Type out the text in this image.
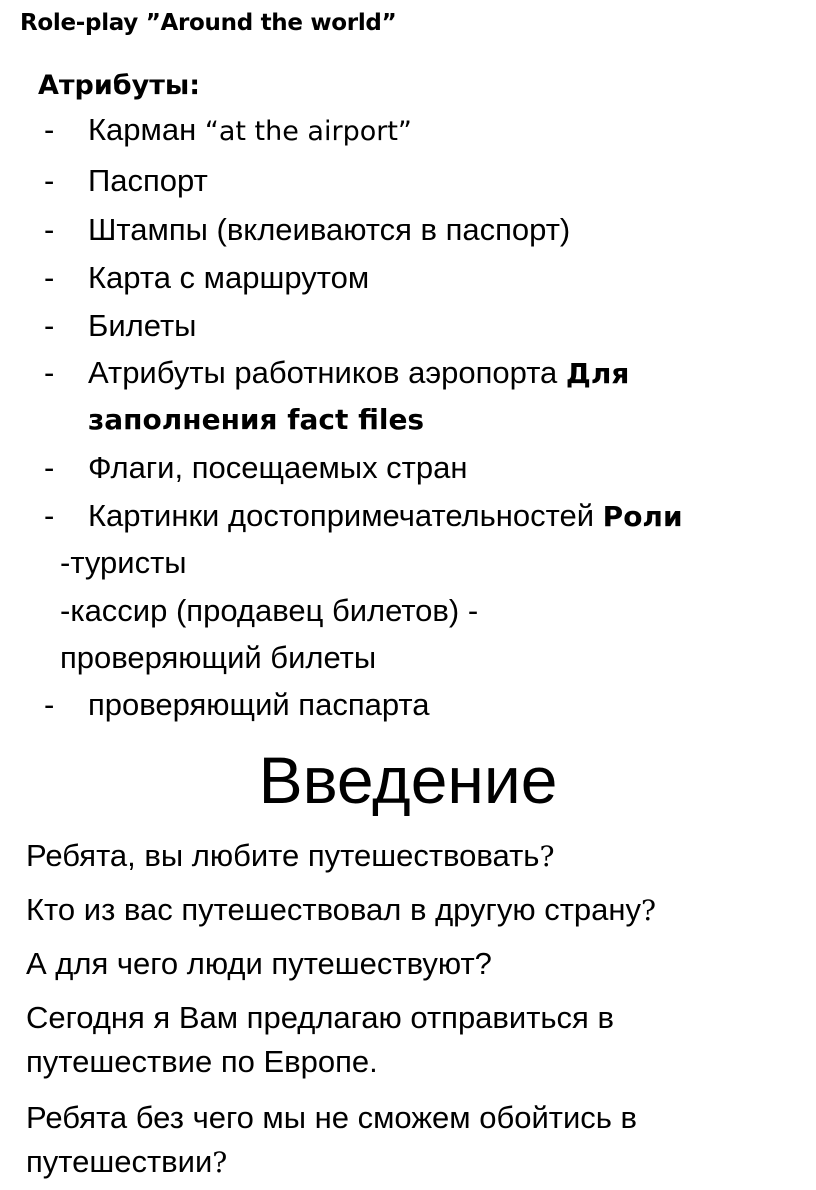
Role-play ”Around the world”
Атрибуты:
- Карман “at the airport”
- Паспорт
- Штампы (вклеиваются в паспорт)
- Карта с маршрутом
- Билеты
- Атрибуты работников аэропорта Для
заполнения fact files
- Флаги, посещаемых стран
- Картинки достопримечательностей Роли
-туристы
-кассир (продавец билетов) -
проверяющий билеты
- проверяющий паспарта
Введение

Ребята, вы любите путешествовать?

Кто из вас путешествовал в другую страну?

А для чего люди путешествуют?

Сегодня я Вам предлагаю отправиться в

путешествие по Европе.

Ребята без чего мы не сможем обойтись в

путешествии?
